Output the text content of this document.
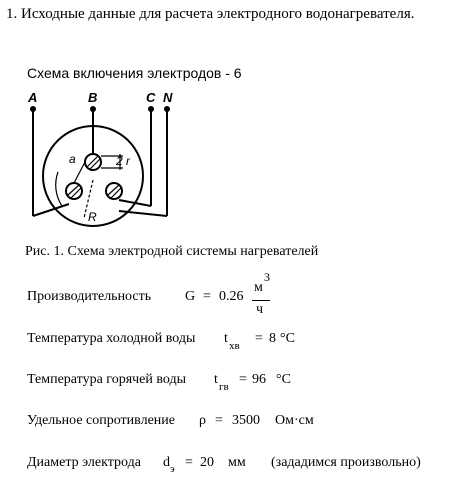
1. Исходные данные для расчета электродного водонагревателя.
Схема включения электродов - 6
A	B	C N
a	2 r
R
Рис. 1. Схема электродной системы нагревателей
Производительность G = 0.26
м
3
ч
Температура холодной воды t хв = 8 °C
Температура горячей воды t гв = 96 °C
Удельное сопротивление ρ = 3500 Ом·см
Диаметр электрода d э = 20 мм (зададимся произвольно)
